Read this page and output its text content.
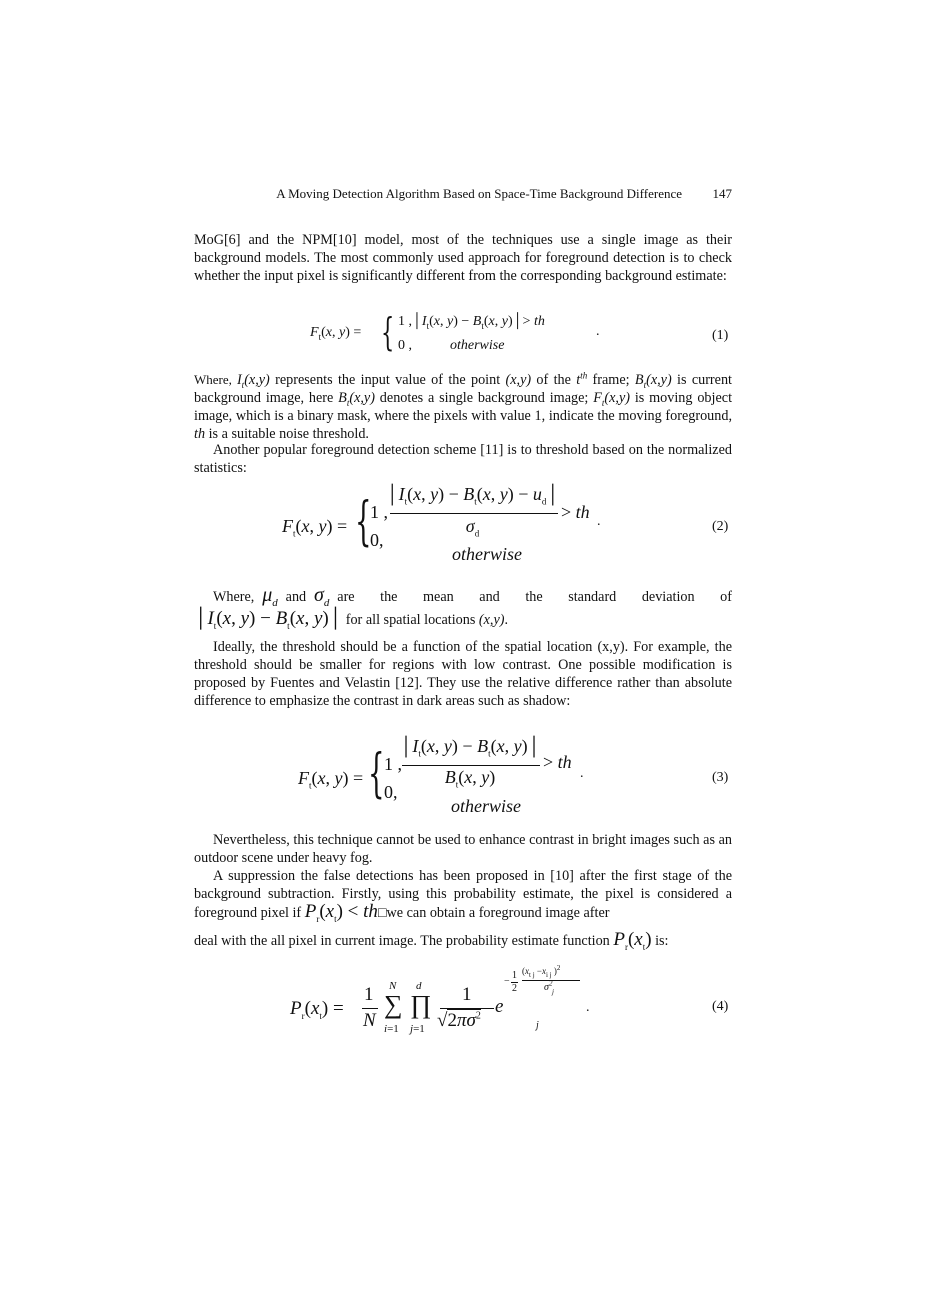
A Moving Detection Algorithm Based on Space-Time Background Difference 147

MoG[6] and the NPM[10] model, most of the techniques use a single image as their background models. The most commonly used approach for foreground detection is to check whether the input pixel is significantly different from the corresponding background estimate:

$F_t(x$, y) = { 1 $,│I_t(x$, $y) - B_t(x$, y)│> th
0 ,	otherwise
.	(1)

Where, $I_t(x,y)$ represents the input value of the point (x,y) of the $t^{th}$ frame; $B_t(x,y)$ is current background image, here $B_t(x,y)$ denotes a single background image; $F_t(x,y)$ is moving object image, which is a binary mask, where the pixels with value 1, indicate the moving foreground, th is a suitable noise threshold.

Another popular foreground detection scheme [11] is to threshold based on the normalized statistics:

$F_t(x$, y) = {
1 ,
0,
$│I_t(x$, $y) - B_t(x$, $y) - u_d│$
$\sigma_d$
> th
otherwise
.	(2)
Where, $\mu_d$ and $\sigma_d$ are the mean and the standard deviation of
$│I_t(x$, $y) - B_t(x$, y)│ for all spatial locations (x,y).

Ideally, the threshold should be a function of the spatial location (x,y). For example, the threshold should be smaller for regions with low contrast. One possible modification is proposed by Fuentes and Velastin [12]. They use the relative difference rather than absolute difference to emphasize the contrast in dark areas such as shadow:

$F_t(x$, y) = { 1 ,
0,
$│I_t(x$, $y) - B_t(x$, y)│
$B_t(x$, y)
> th
otherwise
.	(3)

Nevertheless, this technique cannot be used to enhance contrast in bright images such as an outdoor scene under heavy fog.

A suppression the false detections has been proposed in [10] after the first stage of the background subtraction. Firstly, using this probability estimate, the pixel is considered a foreground pixel if $P_r(x_t)$ < th□we can obtain a foreground image after

deal with the all pixel in current image. The probability estimate function $P_r(x_t)$ is:
$P_r(x_t)$ =
1
N
N
∑
i=1
d
∏
j=1
1
$√2\pi\sigma^2$
j
e
−
1
2
($x_{t j} -x_{i j}$ )$^2$
$\sigma^2$
j
.	(4)
